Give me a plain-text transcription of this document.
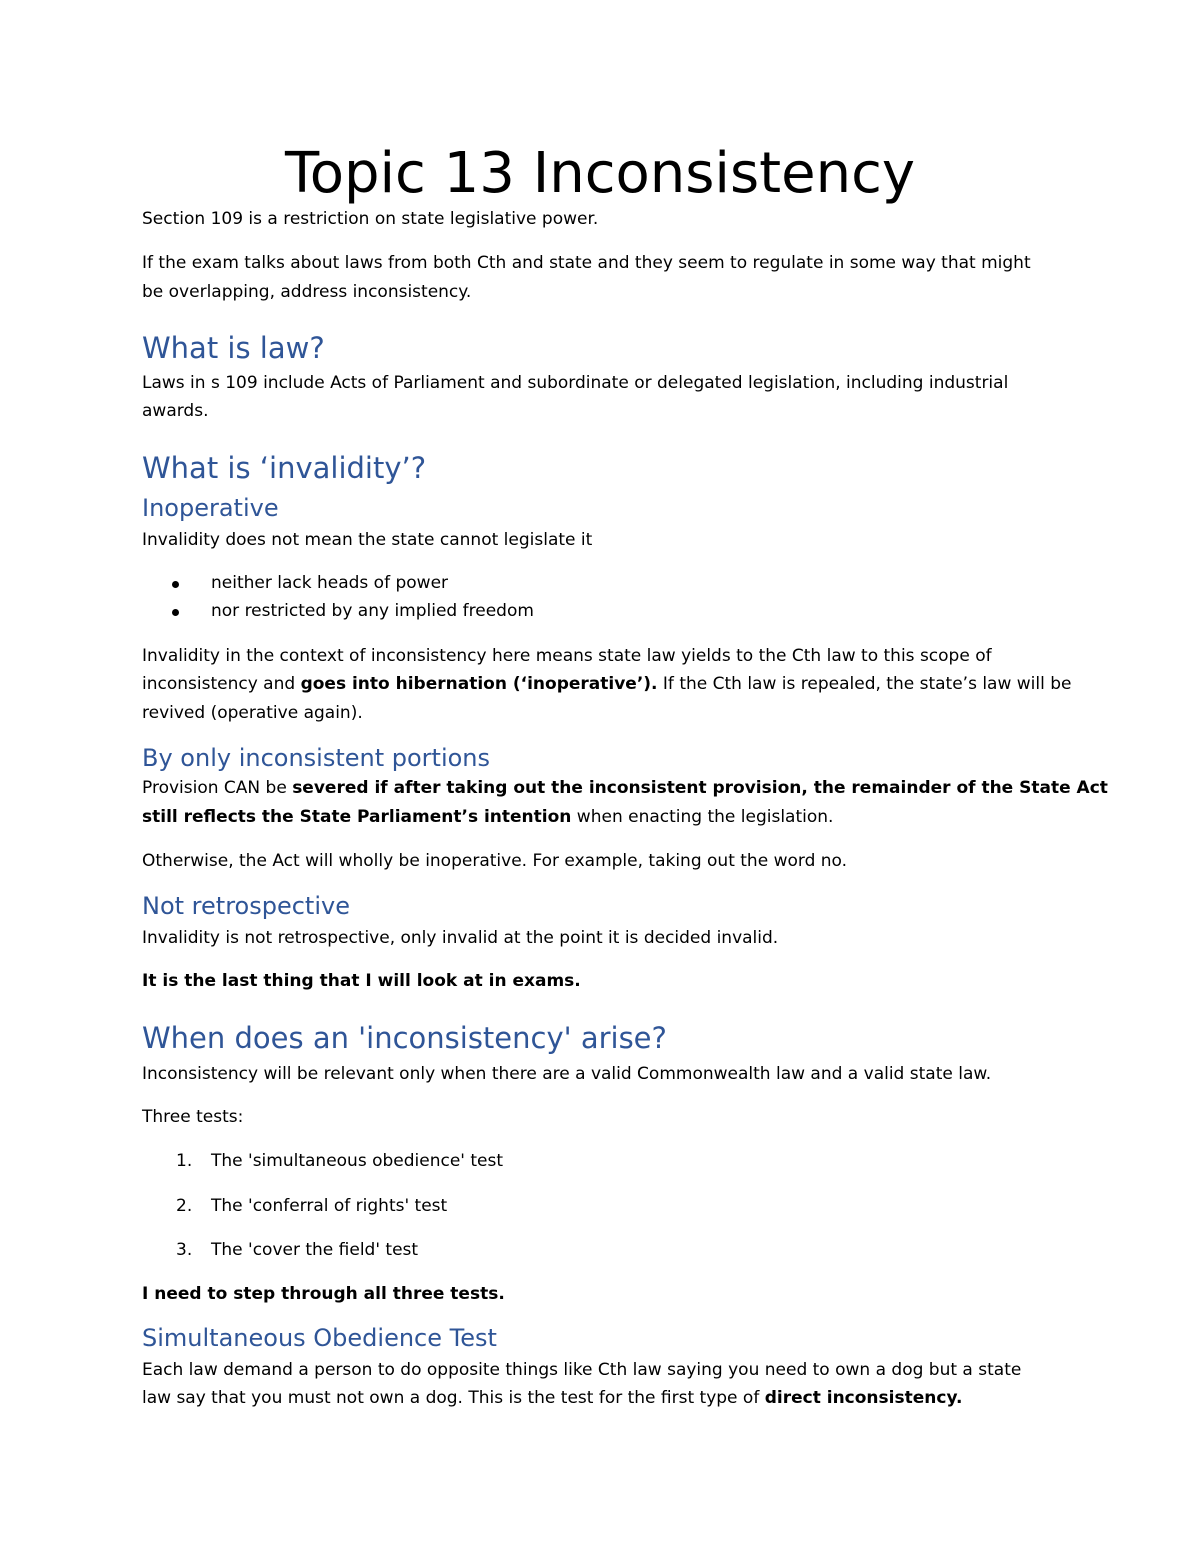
Topic 13 Inconsistency

Section 109 is a restriction on state legislative power.

If the exam talks about laws from both Cth and state and they seem to regulate in some way that might

be overlapping, address inconsistency.

What is law?

Laws in s 109 include Acts of Parliament and subordinate or delegated legislation, including industrial

awards.

What is ‘invalidity’?
Inoperative

Invalidity does not mean the state cannot legislate it

neither lack heads of power
nor restricted by any implied freedom

Invalidity in the context of inconsistency here means state law yields to the Cth law to this scope of

inconsistency and goes into hibernation (‘inoperative’). If the Cth law is repealed, the state’s law will be

revived (operative again).

By only inconsistent portions

Provision CAN be severed if after taking out the inconsistent provision, the remainder of the State Act

still reflects the State Parliament’s intention when enacting the legislation.

Otherwise, the Act will wholly be inoperative. For example, taking out the word no.

Not retrospective

Invalidity is not retrospective, only invalid at the point it is decided invalid.

It is the last thing that I will look at in exams.

When does an 'inconsistency' arise?

Inconsistency will be relevant only when there are a valid Commonwealth law and a valid state law.

Three tests:

1. The 'simultaneous obedience' test
2. The 'conferral of rights' test
3. The 'cover the field' test

I need to step through all three tests.

Simultaneous Obedience Test

Each law demand a person to do opposite things like Cth law saying you need to own a dog but a state

law say that you must not own a dog. This is the test for the first type of direct inconsistency.
